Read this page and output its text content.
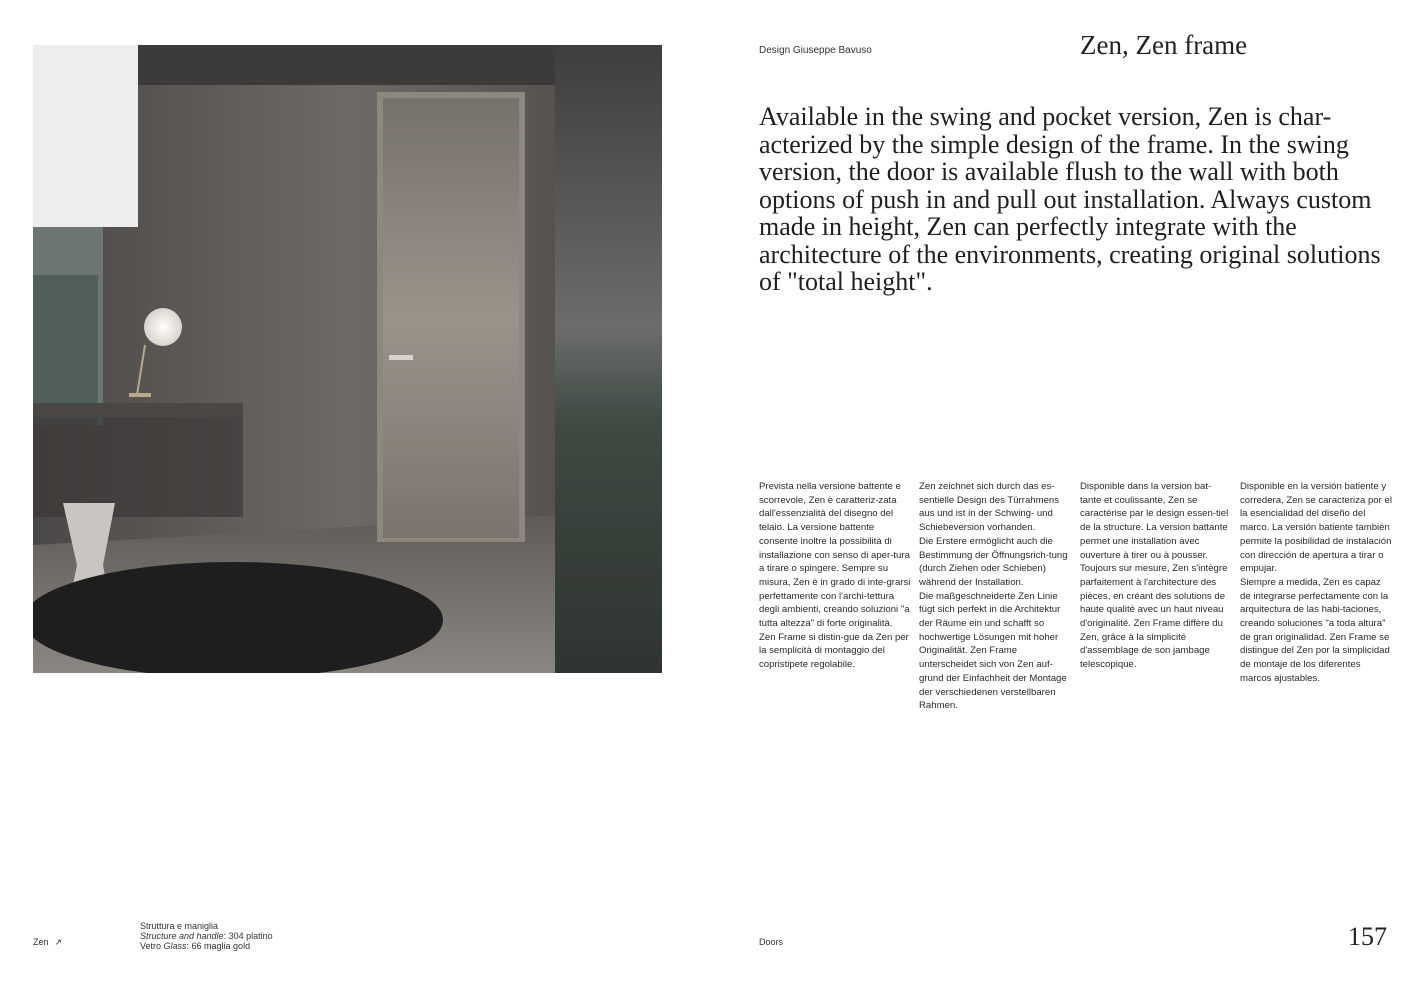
Design Giuseppe Bavuso	Zen, Zen frame

Available in the swing and pocket version, Zen is char-acterized by the simple design of the frame. In the swing version, the door is available flush to the wall with both options of push in and pull out installation. Always custom made in height, Zen can perfectly integrate with the architecture of the environments, creating original solutions of "total height".

Prevista nella versione battente e scorrevole, Zen è caratteriz-zata dall'essenzialità del disegno del telaio. La versione battente consente inoltre la possibilità di installazione con senso di aper-tura a tirare o spingere. Sempre su misura, Zen è in grado di inte-grarsi perfettamente con l'archi-tettura degli ambienti, creando soluzioni "a tutta altezza" di forte originalità. Zen Frame si distin-gue da Zen per la semplicità di montaggio del copristipete regolabile.

Zen zeichnet sich durch das es-sentielle Design des Türrahmens aus und ist in der Schwing- und Schiebeversion vorhanden.
Die Erstere ermöglicht auch die Bestimmung der Öffnungsrich-tung (durch Ziehen oder Schieben) während der Installation.
Die maßgeschneiderte Zen Linie fügt sich perfekt in die Architektur der Räume ein und schafft so hochwertige Lösungen mit hoher Originalität. Zen Frame unterscheidet sich von Zen auf-grund der Einfachheit der Montage der verschiedenen verstellbaren Rahmen.

Disponible dans la version bat-tante et coulissante, Zen se caractérise par le design essen-tiel de la structure. La version battante permet une installation avec ouverture à tirer ou à pousser. Toujours sur mesure, Zen s'intègre parfaitement à l'architecture des pièces, en créant des solutions de haute qualité avec un haut niveau d'originalité. Zen Frame diffère du Zen, grâce à la simplicité d'assemblage de son jambage telescopique.

Disponible en la versión batiente y corredera, Zen se caracteriza por el la esencialidad del diseño del marco. La versión batiente también permite la posibilidad de instalación con dirección de apertura a tirar o empujar.
Siempre a medida, Zen es capaz de integrarse perfectamente con la arquitectura de las habi-taciones, creando soluciones "a toda altura" de gran originalidad. Zen Frame se distingue del Zen por la simplicidad de montaje de los diferentes marcos ajustables.

Zen ↗
Struttura e maniglia
Structure and handle: 304 platino
Vetro Glass: 66 maglia gold	Doors	157
